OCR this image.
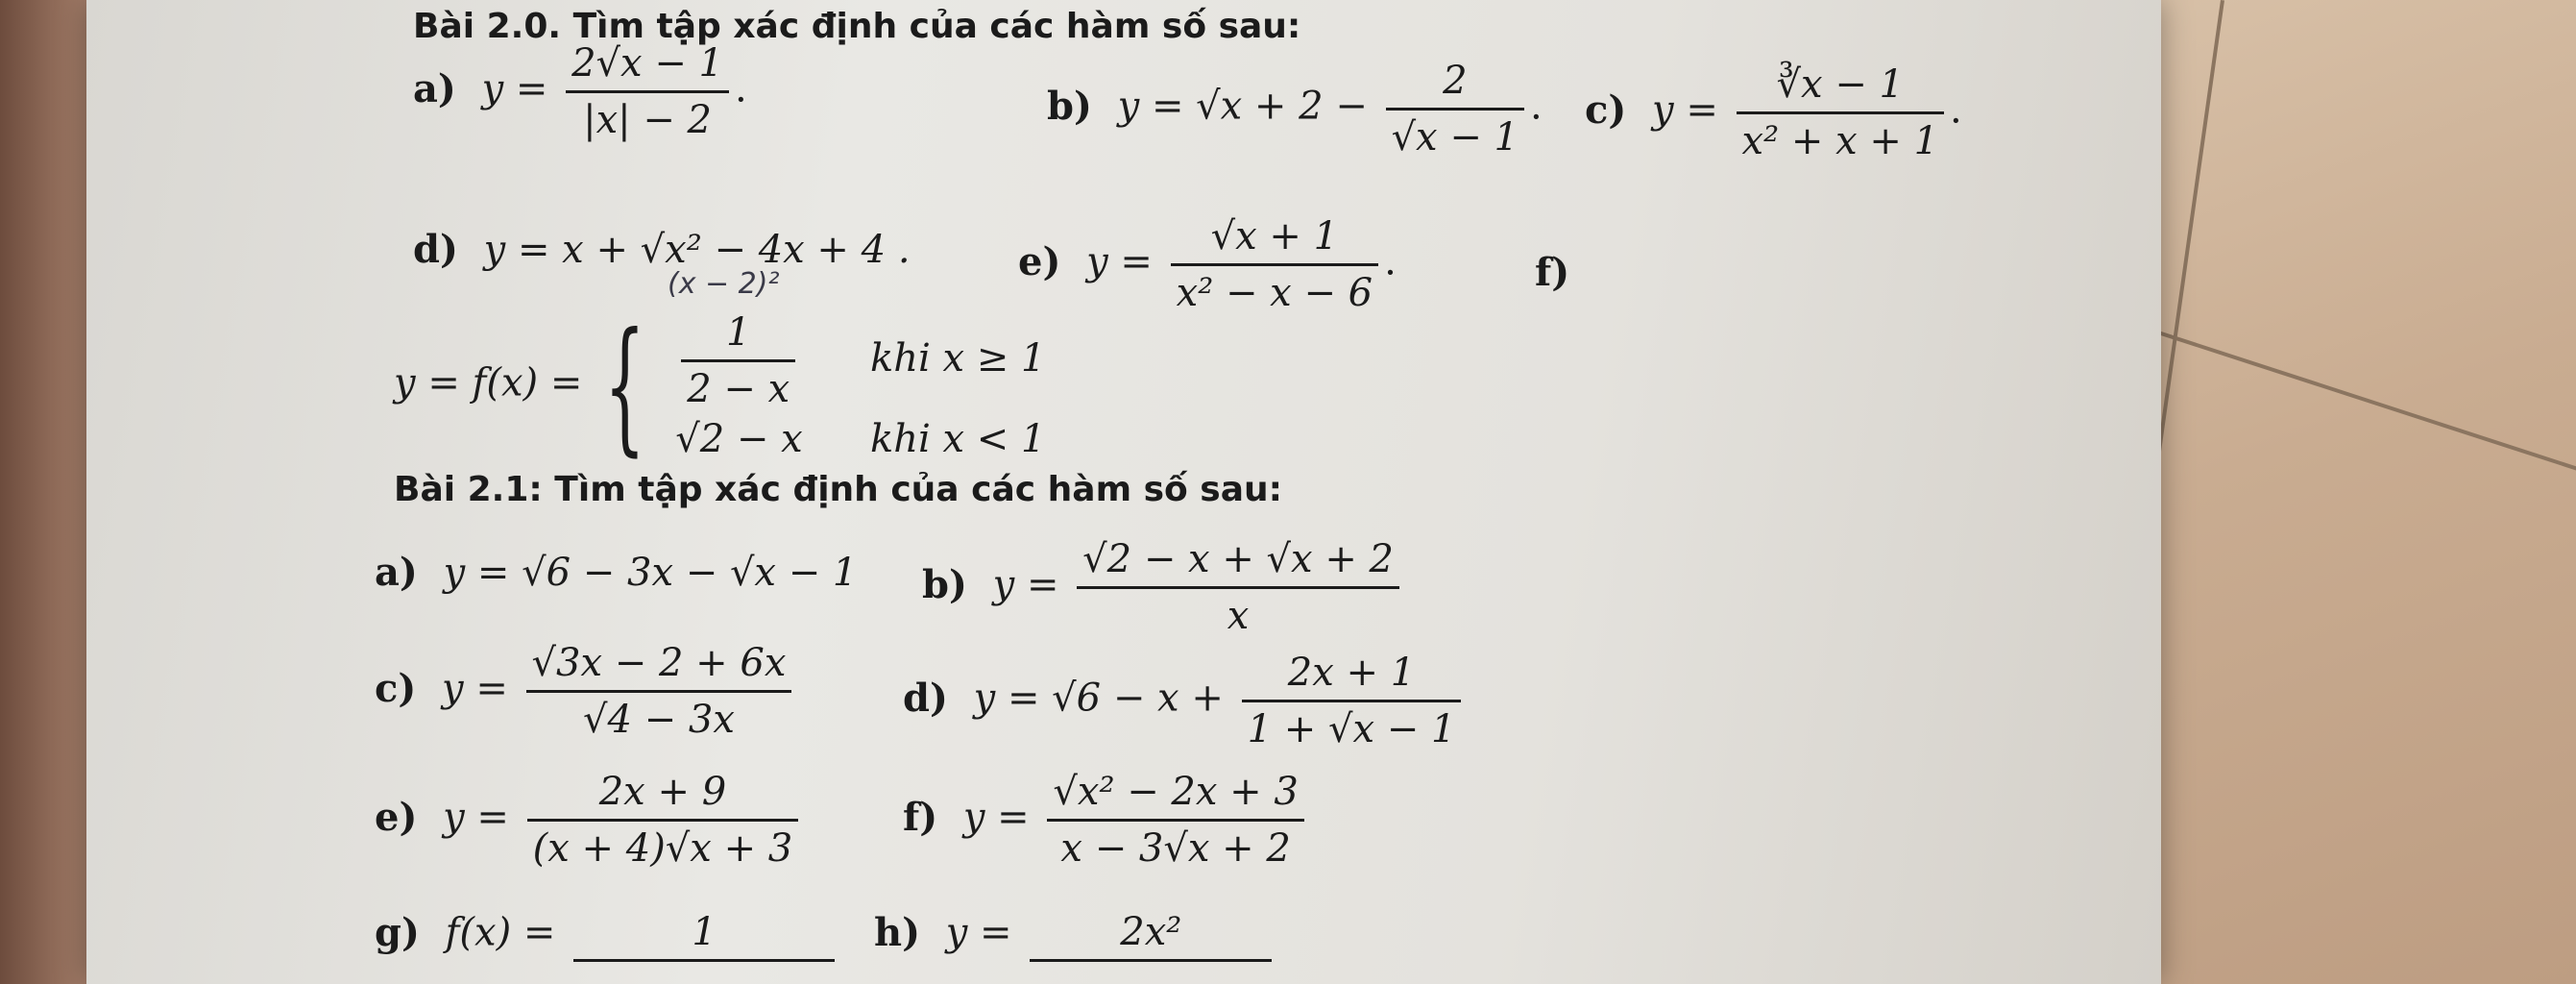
Bài 2.0. Tìm tập xác định của các hàm số sau:
a) $y = \frac{2√x - 1}{|x| - 2}$ .	b) $y = √x + 2 - \frac{2}{√x - 1}$ . c) $y = \frac{∛x - 1}{\text{x² + x + 1}}$ .
d) y = x + √x² − 4x + 4 .
(x − 2)²	e) $y = \frac{√x + 1}{\text{x² − x − 6}}$ .	f)
y = f(x) = { $\frac{1}{2 - x}$ khi x ≥ 1
√2 − x khi x < 1
Bài 2.1: Tìm tập xác định của các hàm số sau:
a) y = √6 − 3x − √x − 1 b) $y = \frac{√2 - x + √x + 2}{x}$
c) $y = \frac{√3x - 2 + 6x}{√4 - 3x}$	d) $y = √6 - x + \frac{2x + 1}{1 + √x - 1}$
e) $y = \frac{2x + 9}{(x + 4)√x + 3}$	f) $y = \frac{\text{√x² − 2x + 3}}{x - 3√x + 2}$
g) f(x) =	1	h) y =	2x²
